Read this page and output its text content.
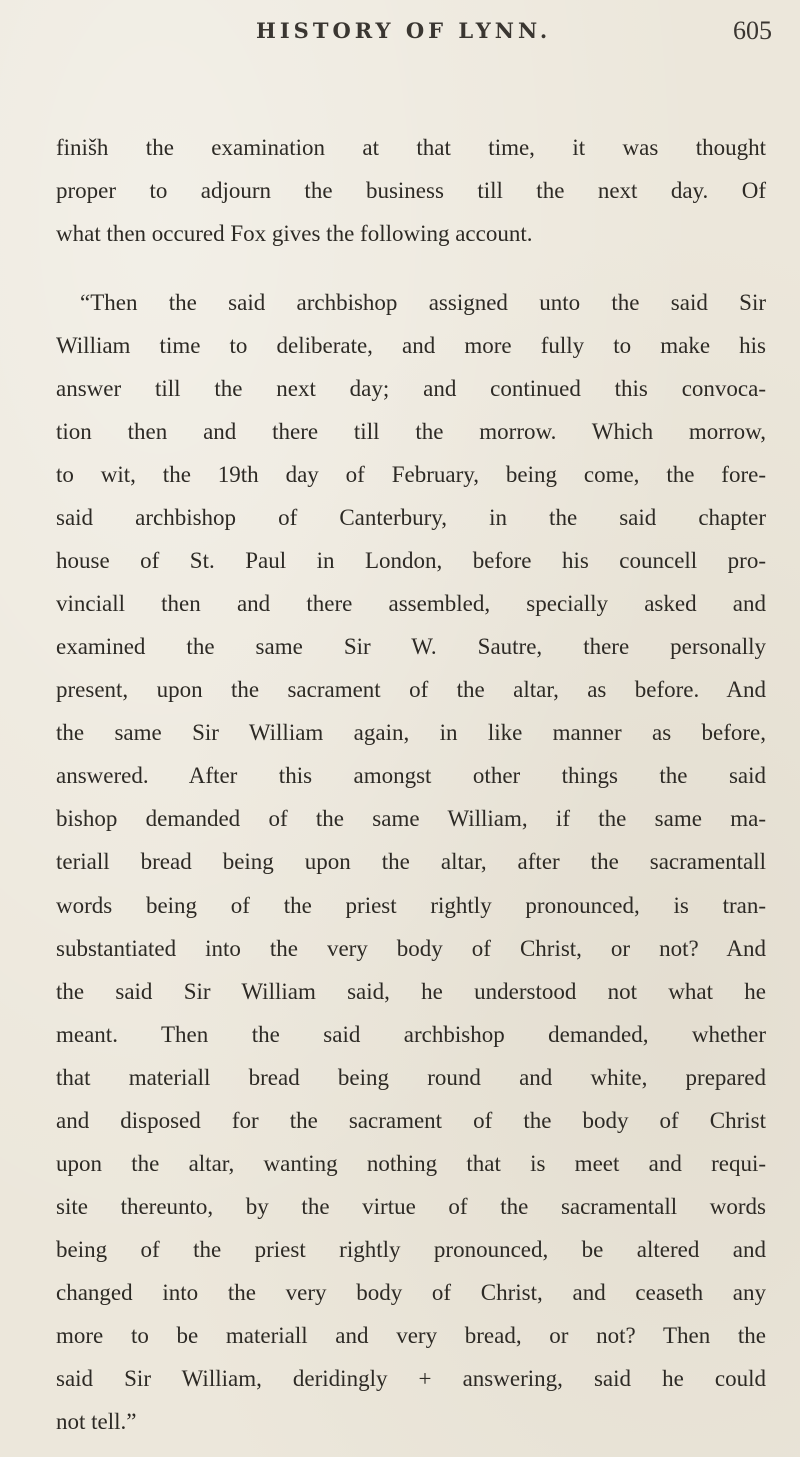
HISTORY OF LYNN.	605
finišh the examination at that time, it was thought
proper to adjourn the business till the next day. Of
what then occured Fox gives the following account.
“Then the said archbishop assigned unto the said Sir
William time to deliberate, and more fully to make his
answer till the next day; and continued this convoca-
tion then and there till the morrow. Which morrow,
to wit, the 19th day of February, being come, the fore-
said archbishop of Canterbury, in the said chapter
house of St. Paul in London, before his councell pro-
vinciall then and there assembled, specially asked and
examined the same Sir W. Sautre, there personally
present, upon the sacrament of the altar, as before. And
the same Sir William again, in like manner as before,
answered. After this amongst other things the said
bishop demanded of the same William, if the same ma-
teriall bread being upon the altar, after the sacramentall
words being of the priest rightly pronounced, is tran-
substantiated into the very body of Christ, or not? And
the said Sir William said, he understood not what he
meant. Then the said archbishop demanded, whether
that materiall bread being round and white, prepared
and disposed for the sacrament of the body of Christ
upon the altar, wanting nothing that is meet and requi-
site thereunto, by the virtue of the sacramentall words
being of the priest rightly pronounced, be altered and
changed into the very body of Christ, and ceaseth any
more to be materiall and very bread, or not? Then the
said Sir William, deridingly + answering, said he could
not tell.”
